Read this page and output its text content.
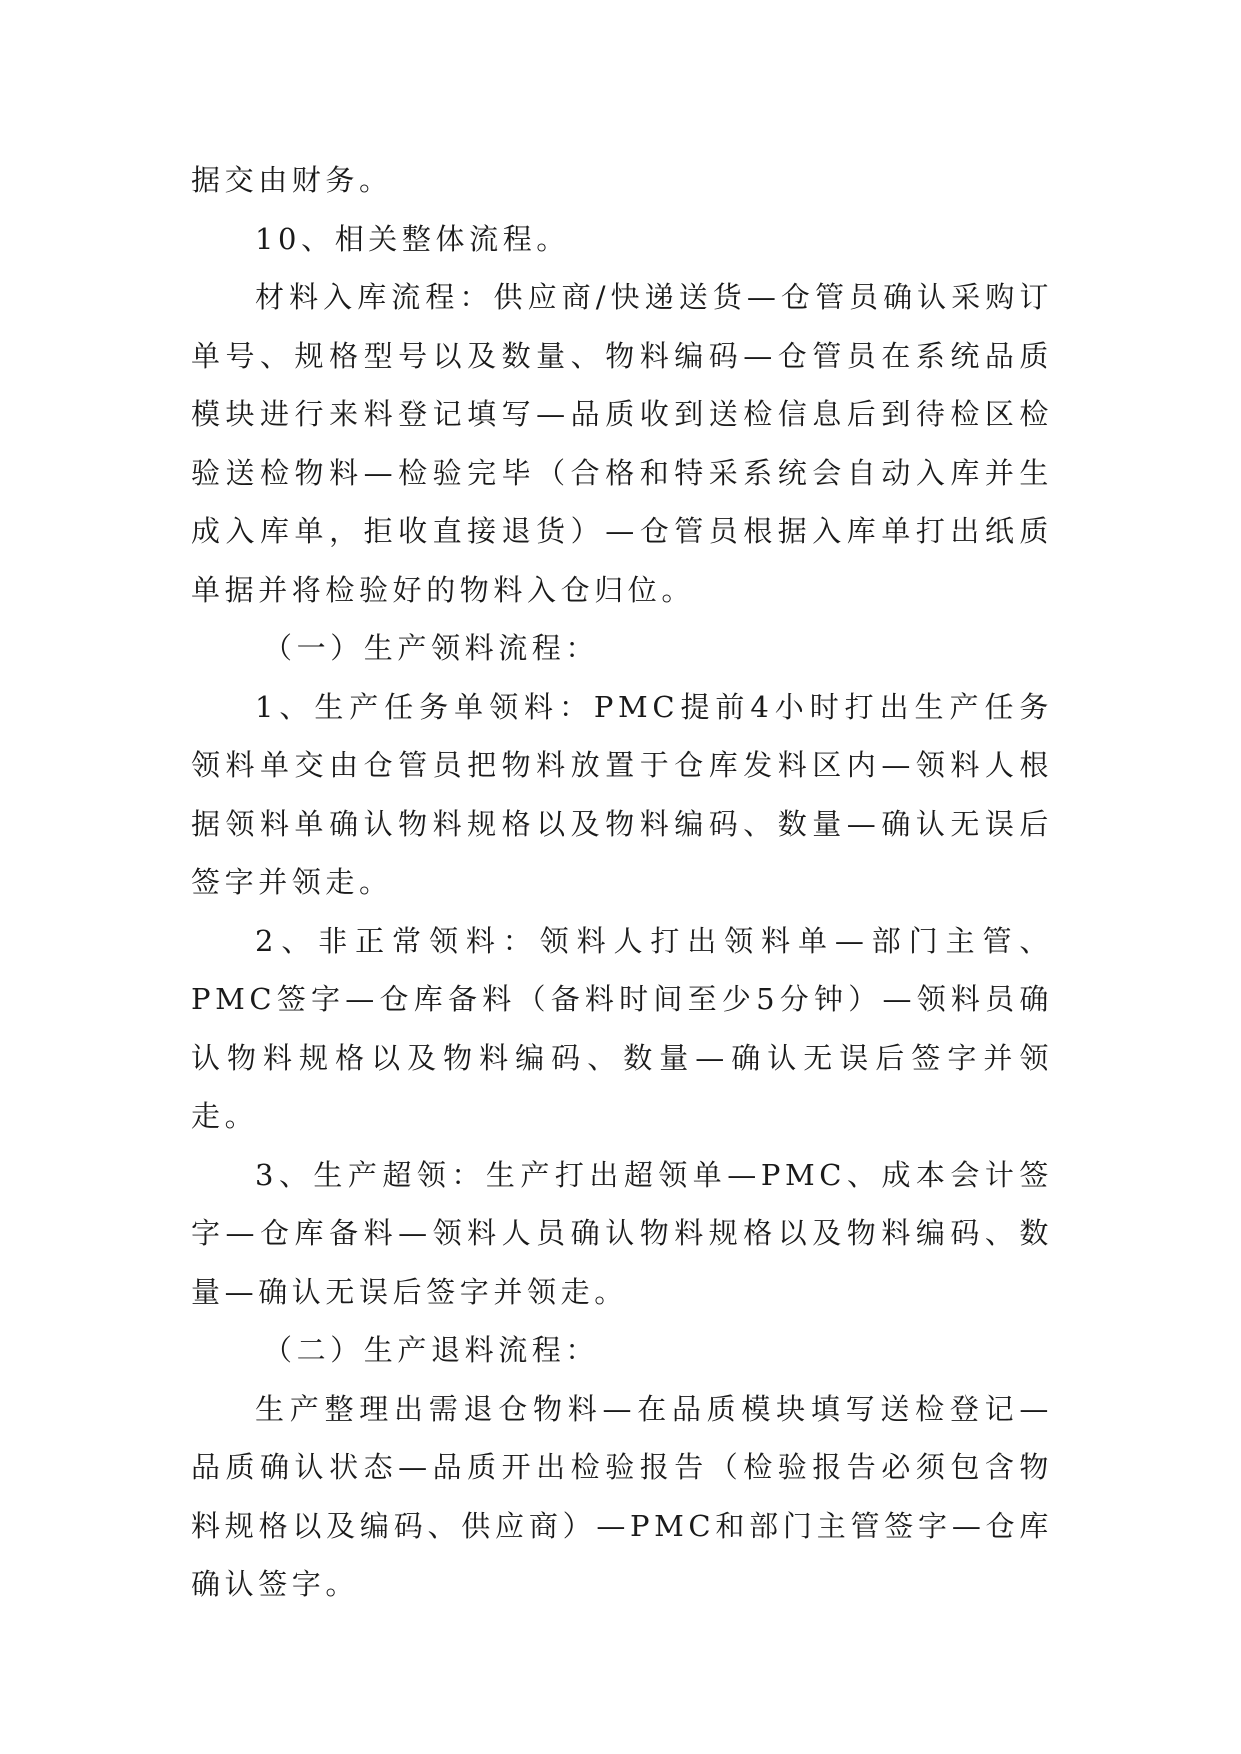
据交由财务。

10、相关整体流程。

材料入库流程：供应商/快递送货—仓管员确认采购订单号、规格型号以及数量、物料编码—仓管员在系统品质模块进行来料登记填写—品质收到送检信息后到待检区检验送检物料—检验完毕（合格和特采系统会自动入库并生成入库单，拒收直接退货）—仓管员根据入库单打出纸质单据并将检验好的物料入仓归位。

（一）生产领料流程：

1、生产任务单领料：PMC提前4小时打出生产任务领料单交由仓管员把物料放置于仓库发料区内—领料人根据领料单确认物料规格以及物料编码、数量—确认无误后签字并领走。

2、非正常领料：领料人打出领料单—部门主管、PMC签字—仓库备料（备料时间至少5分钟）—领料员确认物料规格以及物料编码、数量—确认无误后签字并领走。

3、生产超领：生产打出超领单—PMC、成本会计签字—仓库备料—领料人员确认物料规格以及物料编码、数量—确认无误后签字并领走。

（二）生产退料流程：

生产整理出需退仓物料—在品质模块填写送检登记—品质确认状态—品质开出检验报告（检验报告必须包含物料规格以及编码、供应商）—PMC和部门主管签字—仓库确认签字。
